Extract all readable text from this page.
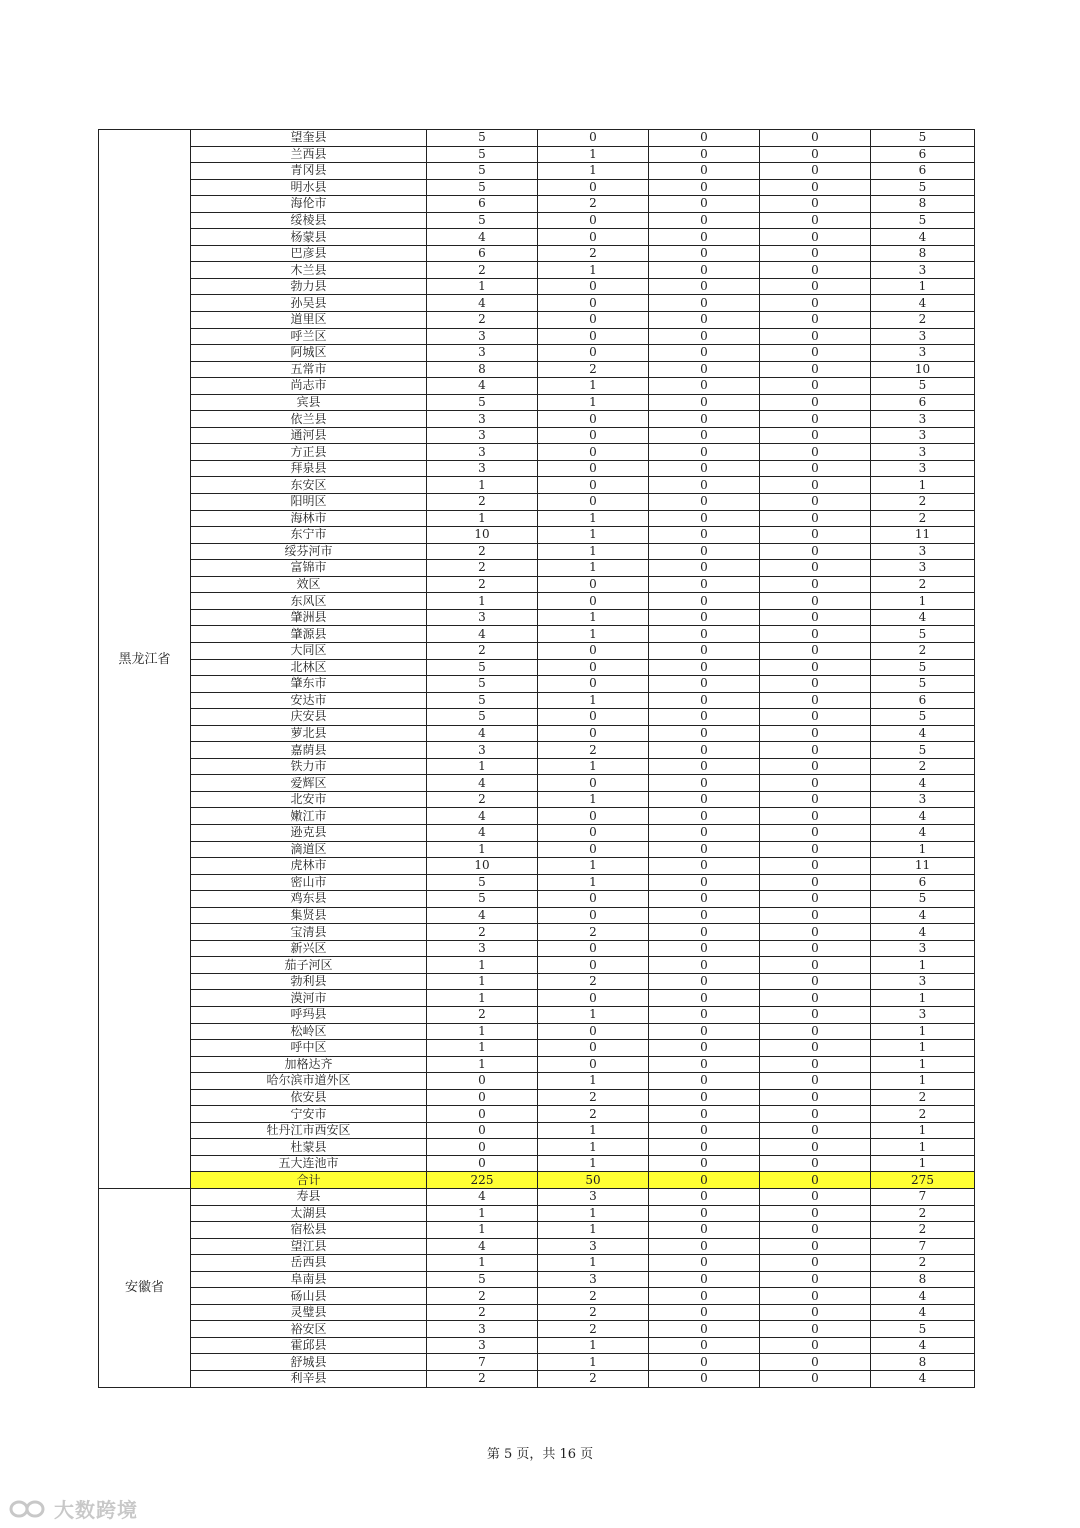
黑龙江省	望奎县	5	0	0	0	5
	兰西县	5	1	0	0	6
	青冈县	5	1	0	0	6
	明水县	5	0	0	0	5
	海伦市	6	2	0	0	8
	绥棱县	5	0	0	0	5
	杨蒙县	4	0	0	0	4
	巴彦县	6	2	0	0	8
	木兰县	2	1	0	0	3
	勃力县	1	0	0	0	1
	孙吴县	4	0	0	0	4
	道里区	2	0	0	0	2
	呼兰区	3	0	0	0	3
	阿城区	3	0	0	0	3
	五常市	8	2	0	0	10
	尚志市	4	1	0	0	5
	宾县	5	1	0	0	6
	依兰县	3	0	0	0	3
	通河县	3	0	0	0	3
	方正县	3	0	0	0	3
	拜泉县	3	0	0	0	3
	东安区	1	0	0	0	1
	阳明区	2	0	0	0	2
	海林市	1	1	0	0	2
	东宁市	10	1	0	0	11
	绥芬河市	2	1	0	0	3
	富锦市	2	1	0	0	3
	效区	2	0	0	0	2
	东风区	1	0	0	0	1
	肇洲县	3	1	0	0	4
	肇源县	4	1	0	0	5
	大同区	2	0	0	0	2
	北林区	5	0	0	0	5
	肇东市	5	0	0	0	5
	安达市	5	1	0	0	6
	庆安县	5	0	0	0	5
	萝北县	4	0	0	0	4
	嘉荫县	3	2	0	0	5
	铁力市	1	1	0	0	2
	爱辉区	4	0	0	0	4
	北安市	2	1	0	0	3
	嫩江市	4	0	0	0	4
	逊克县	4	0	0	0	4
	滴道区	1	0	0	0	1
	虎林市	10	1	0	0	11
	密山市	5	1	0	0	6
	鸡东县	5	0	0	0	5
	集贤县	4	0	0	0	4
	宝清县	2	2	0	0	4
	新兴区	3	0	0	0	3
	茄子河区	1	0	0	0	1
	勃利县	1	2	0	0	3
	漠河市	1	0	0	0	1
	呼玛县	2	1	0	0	3
	松岭区	1	0	0	0	1
	呼中区	1	0	0	0	1
	加格达齐	1	0	0	0	1
	哈尔滨市道外区	0	1	0	0	1
	依安县	0	2	0	0	2
	宁安市	0	2	0	0	2
	牡丹江市西安区	0	1	0	0	1
	杜蒙县	0	1	0	0	1
	五大连池市	0	1	0	0	1
	合计	225	50	0	0	275
安徽省	寿县	4	3	0	0	7
	太湖县	1	1	0	0	2
	宿松县	1	1	0	0	2
	望江县	4	3	0	0	7
	岳西县	1	1	0	0	2
	阜南县	5	3	0	0	8
	砀山县	2	2	0	0	4
	灵璧县	2	2	0	0	4
	裕安区	3	2	0	0	5
	霍邱县	3	1	0	0	4
	舒城县	7	1	0	0	8
	利辛县	2	2	0	0	4
第 5 页，共 16 页
大数跨境
